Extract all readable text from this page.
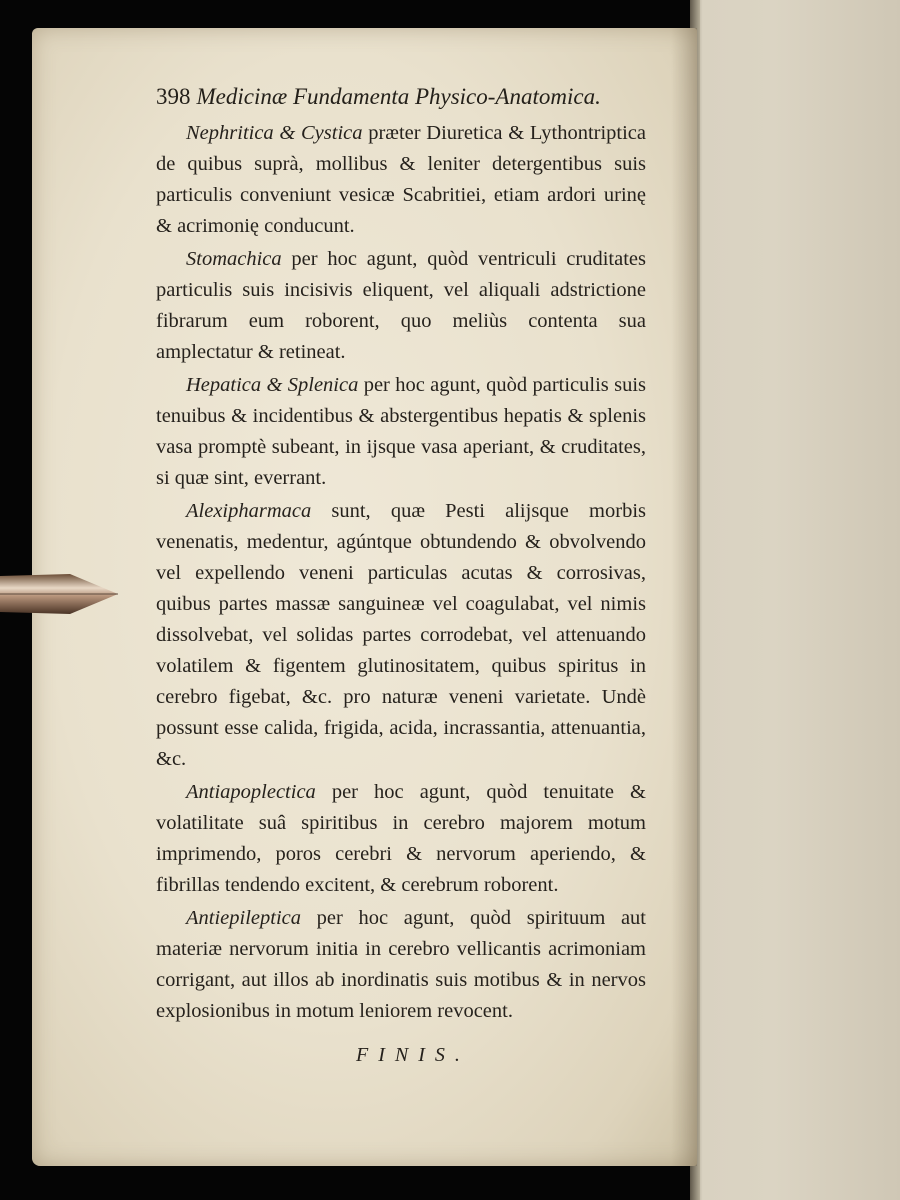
398 Medicinæ Fundamenta Physico-Anatomica.

Nephritica & Cystica præter Diuretica & Lythontriptica de quibus suprà, mollibus & leniter detergentibus suis particulis conveniunt vesicæ Scabritiei, etiam ardori urinę & acrimonię conducunt.

Stomachica per hoc agunt, quòd ventriculi cruditates particulis suis incisivis eliquent, vel aliquali adstrictione fibrarum eum roborent, quo meliùs contenta sua amplectatur & retineat.

Hepatica & Splenica per hoc agunt, quòd particulis suis tenuibus & incidentibus & abstergentibus hepatis & splenis vasa promptè subeant, in ijsque vasa aperiant, & cruditates, si quæ sint, everrant.

Alexipharmaca sunt, quæ Pesti alijsque morbis venenatis, medentur, agúntque obtundendo & obvolvendo vel expellendo veneni particulas acutas & corrosivas, quibus partes massæ sanguineæ vel coagulabat, vel nimis dissolvebat, vel solidas partes corrodebat, vel attenuando volatilem & figentem glutinositatem, quibus spiritus in cerebro figebat, &c. pro naturæ veneni varietate. Undè possunt esse calida, frigida, acida, incrassantia, attenuantia, &c.

Antiapoplectica per hoc agunt, quòd tenuitate & volatilitate suâ spiritibus in cerebro majorem motum imprimendo, poros cerebri & nervorum aperiendo, & fibrillas tendendo excitent, & cerebrum roborent.

Antiepileptica per hoc agunt, quòd spirituum aut materiæ nervorum initia in cerebro vellicantis acrimoniam corrigant, aut illos ab inordinatis suis motibus & in nervos explosionibus in motum leniorem revocent.

FINIS.
